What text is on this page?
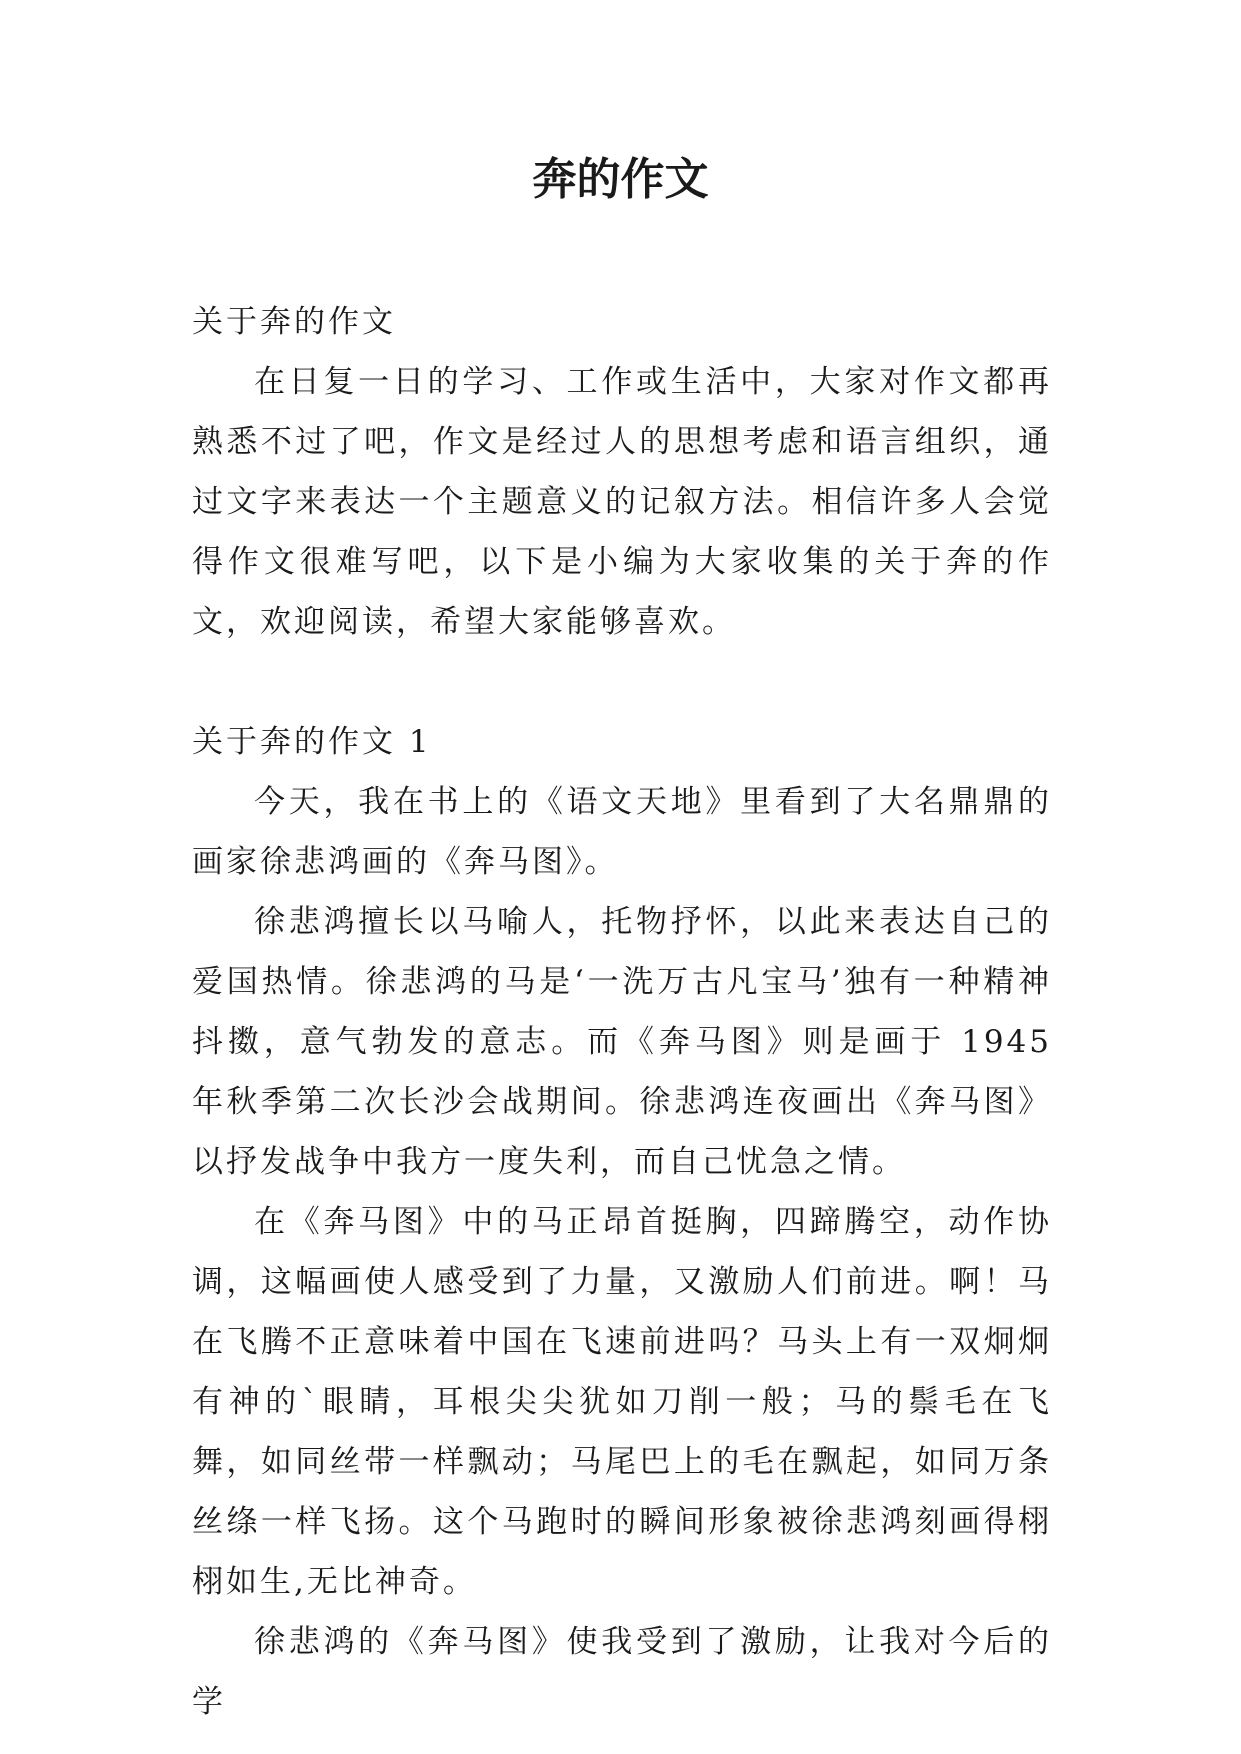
奔的作文

关于奔的作文

在日复一日的学习、工作或生活中，大家对作文都再熟悉不过了吧，作文是经过人的思想考虑和语言组织，通过文字来表达一个主题意义的记叙方法。相信许多人会觉得作文很难写吧，以下是小编为大家收集的关于奔的作文，欢迎阅读，希望大家能够喜欢。

关于奔的作文 1

今天，我在书上的《语文天地》里看到了大名鼎鼎的画家徐悲鸿画的《奔马图》。

徐悲鸿擅长以马喻人，托物抒怀，以此来表达自己的爱国热情。徐悲鸿的马是‘一洗万古凡宝马’独有一种精神抖擞，意气勃发的意志。而《奔马图》则是画于 1945 年秋季第二次长沙会战期间。徐悲鸿连夜画出《奔马图》以抒发战争中我方一度失利，而自己忧急之情。

在《奔马图》中的马正昂首挺胸，四蹄腾空，动作协调，这幅画使人感受到了力量，又激励人们前进。啊！马在飞腾不正意味着中国在飞速前进吗？马头上有一双炯炯有神的`眼睛，耳根尖尖犹如刀削一般；马的鬃毛在飞舞，如同丝带一样飘动；马尾巴上的毛在飘起，如同万条丝绦一样飞扬。这个马跑时的瞬间形象被徐悲鸿刻画得栩栩如生,无比神奇。

徐悲鸿的《奔马图》使我受到了激励，让我对今后的学
